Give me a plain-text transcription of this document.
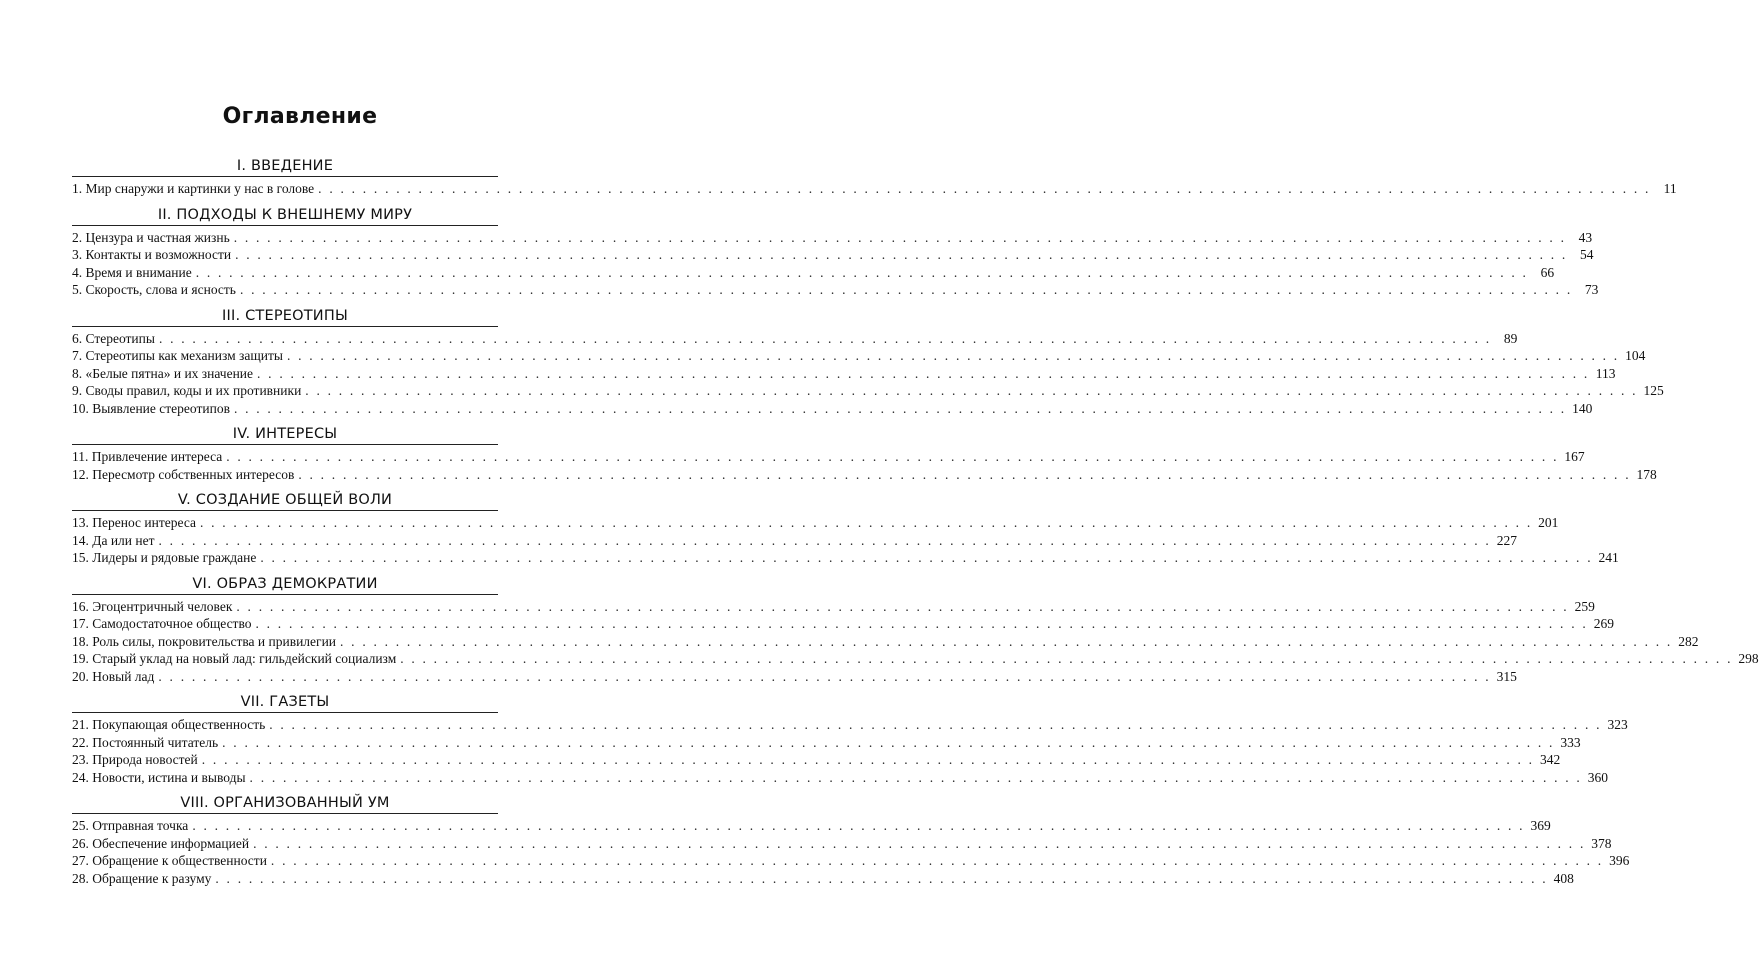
Оглавление
I. ВВЕДЕНИЕ
1. Мир снаружи и картинки у нас в голове . . . . . . . . . . . . . . . . . . . . . . . . . . . . . . . . . . . . . . . . . . . . . . . . . . . . . . . . . . . . . . . . . . . . . . . . . . . . . . . . . . . . . . . . . . . . . . . . . . . . . . . . . . . . . . . . . . . . . . . . 11
II. ПОДХОДЫ К ВНЕШНЕМУ МИРУ
2. Цензура и частная жизнь . . . . . . . . . . . . . . . . . . . . . . . . . . . . . . . . . . . . . . . . . . . . . . . . . . . . . . . . . . . . . . . . . . . . . . . . . . . . . . . . . . . . . . . . . . . . . . . . . . . . . . . . . . . . . . . . . . . . . . . . 43
3. Контакты и возможности . . . . . . . . . . . . . . . . . . . . . . . . . . . . . . . . . . . . . . . . . . . . . . . . . . . . . . . . . . . . . . . . . . . . . . . . . . . . . . . . . . . . . . . . . . . . . . . . . . . . . . . . . . . . . . . . . . . . . . . . 54
4. Время и внимание . . . . . . . . . . . . . . . . . . . . . . . . . . . . . . . . . . . . . . . . . . . . . . . . . . . . . . . . . . . . . . . . . . . . . . . . . . . . . . . . . . . . . . . . . . . . . . . . . . . . . . . . . . . . . . . . . . . . . . . . 66
5. Скорость, слова и ясность . . . . . . . . . . . . . . . . . . . . . . . . . . . . . . . . . . . . . . . . . . . . . . . . . . . . . . . . . . . . . . . . . . . . . . . . . . . . . . . . . . . . . . . . . . . . . . . . . . . . . . . . . . . . . . . . . . . . . . . . 73
III. СТЕРЕОТИПЫ
6. Стереотипы . . . . . . . . . . . . . . . . . . . . . . . . . . . . . . . . . . . . . . . . . . . . . . . . . . . . . . . . . . . . . . . . . . . . . . . . . . . . . . . . . . . . . . . . . . . . . . . . . . . . . . . . . . . . . . . . . . . . . . . . 89
7. Стереотипы как механизм защиты . . . . . . . . . . . . . . . . . . . . . . . . . . . . . . . . . . . . . . . . . . . . . . . . . . . . . . . . . . . . . . . . . . . . . . . . . . . . . . . . . . . . . . . . . . . . . . . . . . . . . . . . . . . . . . . . . . . . . . . . 104
8. «Белые пятна» и их значение . . . . . . . . . . . . . . . . . . . . . . . . . . . . . . . . . . . . . . . . . . . . . . . . . . . . . . . . . . . . . . . . . . . . . . . . . . . . . . . . . . . . . . . . . . . . . . . . . . . . . . . . . . . . . . . . . . . . . . . . 113
9. Своды правил, коды и их противники . . . . . . . . . . . . . . . . . . . . . . . . . . . . . . . . . . . . . . . . . . . . . . . . . . . . . . . . . . . . . . . . . . . . . . . . . . . . . . . . . . . . . . . . . . . . . . . . . . . . . . . . . . . . . . . . . . . . . . . . 125
10. Выявление стереотипов . . . . . . . . . . . . . . . . . . . . . . . . . . . . . . . . . . . . . . . . . . . . . . . . . . . . . . . . . . . . . . . . . . . . . . . . . . . . . . . . . . . . . . . . . . . . . . . . . . . . . . . . . . . . . . . . . . . . . . . . 140
IV. ИНТЕРЕСЫ
11. Привлечение интереса . . . . . . . . . . . . . . . . . . . . . . . . . . . . . . . . . . . . . . . . . . . . . . . . . . . . . . . . . . . . . . . . . . . . . . . . . . . . . . . . . . . . . . . . . . . . . . . . . . . . . . . . . . . . . . . . . . . . . . . . 167
12. Пересмотр собственных интересов . . . . . . . . . . . . . . . . . . . . . . . . . . . . . . . . . . . . . . . . . . . . . . . . . . . . . . . . . . . . . . . . . . . . . . . . . . . . . . . . . . . . . . . . . . . . . . . . . . . . . . . . . . . . . . . . . . . . . . . . 178
V. СОЗДАНИЕ ОБЩЕЙ ВОЛИ
13. Перенос интереса . . . . . . . . . . . . . . . . . . . . . . . . . . . . . . . . . . . . . . . . . . . . . . . . . . . . . . . . . . . . . . . . . . . . . . . . . . . . . . . . . . . . . . . . . . . . . . . . . . . . . . . . . . . . . . . . . . . . . . . . 201
14. Да или нет . . . . . . . . . . . . . . . . . . . . . . . . . . . . . . . . . . . . . . . . . . . . . . . . . . . . . . . . . . . . . . . . . . . . . . . . . . . . . . . . . . . . . . . . . . . . . . . . . . . . . . . . . . . . . . . . . . . . . . . . 227
15. Лидеры и рядовые граждане . . . . . . . . . . . . . . . . . . . . . . . . . . . . . . . . . . . . . . . . . . . . . . . . . . . . . . . . . . . . . . . . . . . . . . . . . . . . . . . . . . . . . . . . . . . . . . . . . . . . . . . . . . . . . . . . . . . . . . . . 241
VI. ОБРАЗ ДЕМОКРАТИИ
16. Эгоцентричный человек . . . . . . . . . . . . . . . . . . . . . . . . . . . . . . . . . . . . . . . . . . . . . . . . . . . . . . . . . . . . . . . . . . . . . . . . . . . . . . . . . . . . . . . . . . . . . . . . . . . . . . . . . . . . . . . . . . . . . . . . 259
17. Самодостаточное общество . . . . . . . . . . . . . . . . . . . . . . . . . . . . . . . . . . . . . . . . . . . . . . . . . . . . . . . . . . . . . . . . . . . . . . . . . . . . . . . . . . . . . . . . . . . . . . . . . . . . . . . . . . . . . . . . . . . . . . . . 269
18. Роль силы, покровительства и привилегии . . . . . . . . . . . . . . . . . . . . . . . . . . . . . . . . . . . . . . . . . . . . . . . . . . . . . . . . . . . . . . . . . . . . . . . . . . . . . . . . . . . . . . . . . . . . . . . . . . . . . . . . . . . . . . . . . . . . . . . . 282
19. Старый уклад на новый лад: гильдейский социализм . . . . . . . . . . . . . . . . . . . . . . . . . . . . . . . . . . . . . . . . . . . . . . . . . . . . . . . . . . . . . . . . . . . . . . . . . . . . . . . . . . . . . . . . . . . . . . . . . . . . . . . . . . . . . . . . . . . . . . . . 298
20. Новый лад . . . . . . . . . . . . . . . . . . . . . . . . . . . . . . . . . . . . . . . . . . . . . . . . . . . . . . . . . . . . . . . . . . . . . . . . . . . . . . . . . . . . . . . . . . . . . . . . . . . . . . . . . . . . . . . . . . . . . . . . 315
VII. ГАЗЕТЫ
21. Покупающая общественность . . . . . . . . . . . . . . . . . . . . . . . . . . . . . . . . . . . . . . . . . . . . . . . . . . . . . . . . . . . . . . . . . . . . . . . . . . . . . . . . . . . . . . . . . . . . . . . . . . . . . . . . . . . . . . . . . . . . . . . . 323
22. Постоянный читатель . . . . . . . . . . . . . . . . . . . . . . . . . . . . . . . . . . . . . . . . . . . . . . . . . . . . . . . . . . . . . . . . . . . . . . . . . . . . . . . . . . . . . . . . . . . . . . . . . . . . . . . . . . . . . . . . . . . . . . . . 333
23. Природа новостей . . . . . . . . . . . . . . . . . . . . . . . . . . . . . . . . . . . . . . . . . . . . . . . . . . . . . . . . . . . . . . . . . . . . . . . . . . . . . . . . . . . . . . . . . . . . . . . . . . . . . . . . . . . . . . . . . . . . . . . . 342
24. Новости, истина и выводы . . . . . . . . . . . . . . . . . . . . . . . . . . . . . . . . . . . . . . . . . . . . . . . . . . . . . . . . . . . . . . . . . . . . . . . . . . . . . . . . . . . . . . . . . . . . . . . . . . . . . . . . . . . . . . . . . . . . . . . . 360
VIII. ОРГАНИЗОВАННЫЙ УМ
25. Отправная точка . . . . . . . . . . . . . . . . . . . . . . . . . . . . . . . . . . . . . . . . . . . . . . . . . . . . . . . . . . . . . . . . . . . . . . . . . . . . . . . . . . . . . . . . . . . . . . . . . . . . . . . . . . . . . . . . . . . . . . . . 369
26. Обеспечение информацией . . . . . . . . . . . . . . . . . . . . . . . . . . . . . . . . . . . . . . . . . . . . . . . . . . . . . . . . . . . . . . . . . . . . . . . . . . . . . . . . . . . . . . . . . . . . . . . . . . . . . . . . . . . . . . . . . . . . . . . . 378
27. Обращение к общественности . . . . . . . . . . . . . . . . . . . . . . . . . . . . . . . . . . . . . . . . . . . . . . . . . . . . . . . . . . . . . . . . . . . . . . . . . . . . . . . . . . . . . . . . . . . . . . . . . . . . . . . . . . . . . . . . . . . . . . . . 396
28. Обращение к разуму . . . . . . . . . . . . . . . . . . . . . . . . . . . . . . . . . . . . . . . . . . . . . . . . . . . . . . . . . . . . . . . . . . . . . . . . . . . . . . . . . . . . . . . . . . . . . . . . . . . . . . . . . . . . . . . . . . . . . . . . 408
